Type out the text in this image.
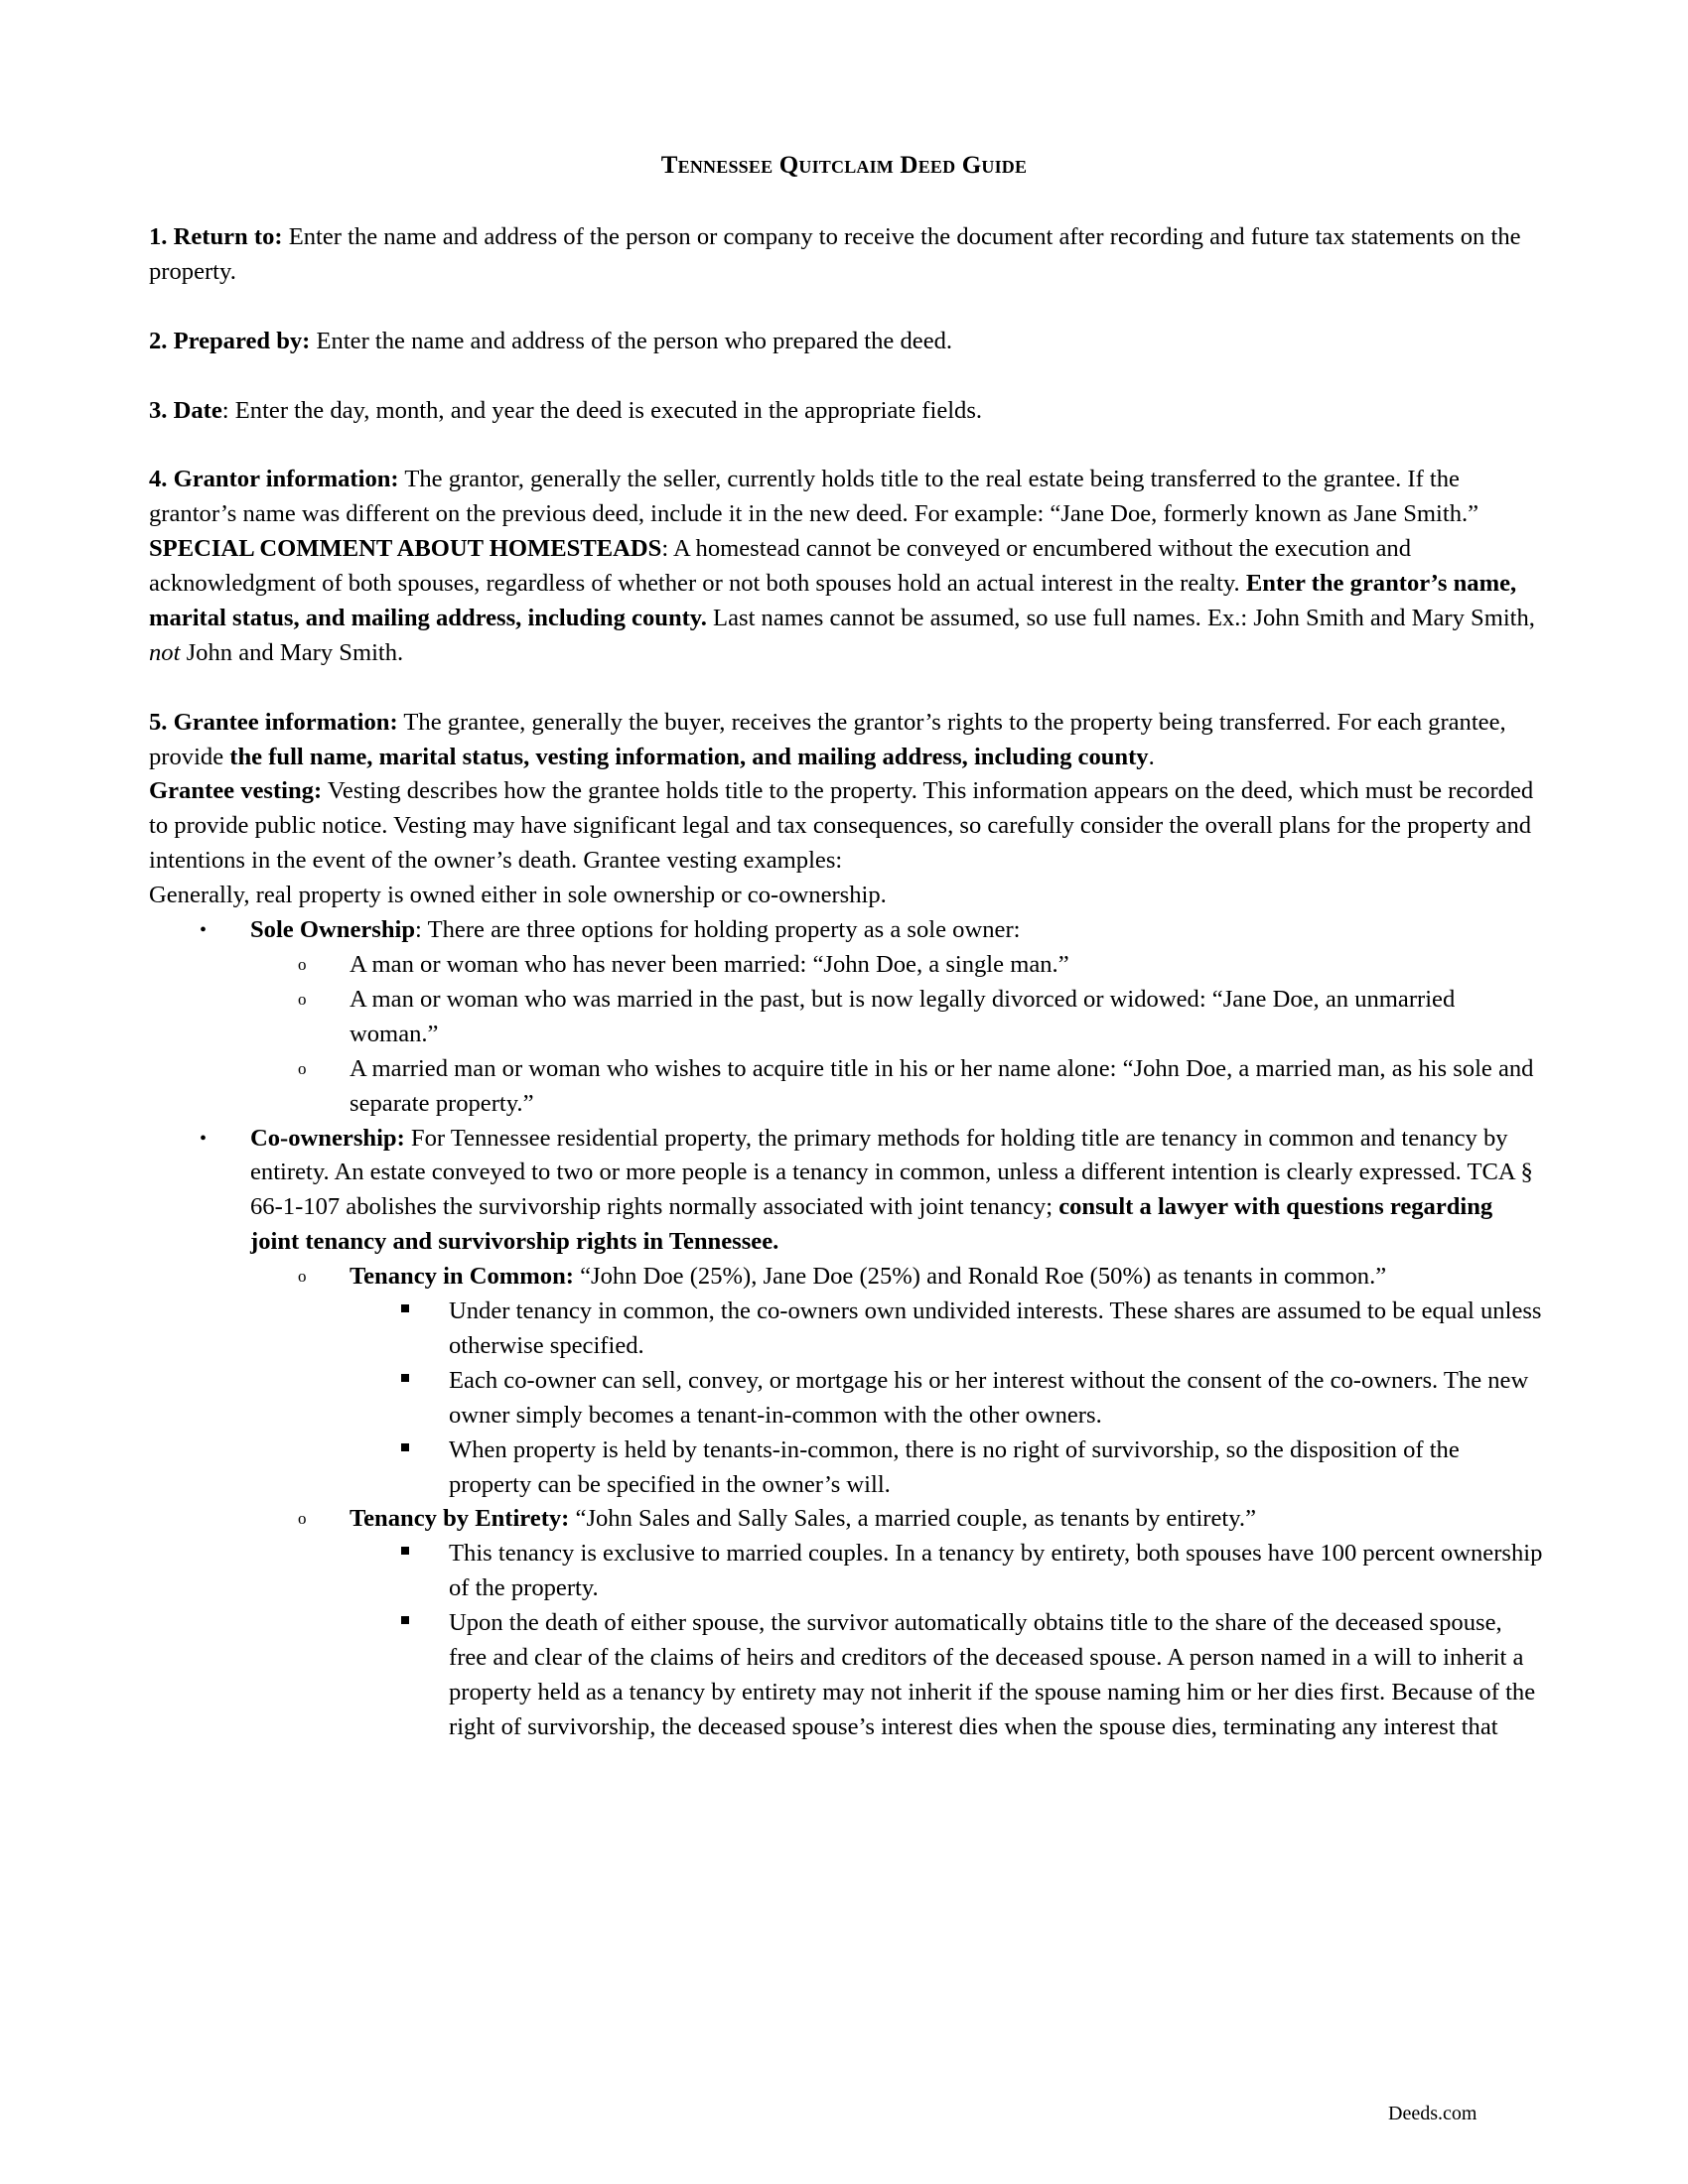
Tennessee Quitclaim Deed Guide

1. Return to: Enter the name and address of the person or company to receive the document after recording and future tax statements on the property.

2. Prepared by: Enter the name and address of the person who prepared the deed.

3. Date: Enter the day, month, and year the deed is executed in the appropriate fields.

4. Grantor information: The grantor, generally the seller, currently holds title to the real estate being transferred to the grantee. If the grantor’s name was different on the previous deed, include it in the new deed. For example: “Jane Doe, formerly known as Jane Smith.” SPECIAL COMMENT ABOUT HOMESTEADS: A homestead cannot be conveyed or encumbered without the execution and acknowledgment of both spouses, regardless of whether or not both spouses hold an actual interest in the realty. Enter the grantor’s name, marital status, and mailing address, including county. Last names cannot be assumed, so use full names. Ex.: John Smith and Mary Smith, not John and Mary Smith.

5. Grantee information: The grantee, generally the buyer, receives the grantor’s rights to the property being transferred. For each grantee, provide the full name, marital status, vesting information, and mailing address, including county.

Grantee vesting: Vesting describes how the grantee holds title to the property. This information appears on the deed, which must be recorded to provide public notice. Vesting may have significant legal and tax consequences, so carefully consider the overall plans for the property and intentions in the event of the owner’s death. Grantee vesting examples:

Generally, real property is owned either in sole ownership or co-ownership.

• Sole Ownership: There are three options for holding property as a sole owner:
o A man or woman who has never been married: “John Doe, a single man.”
o A man or woman who was married in the past, but is now legally divorced or widowed: “Jane Doe, an unmarried woman.”
o A married man or woman who wishes to acquire title in his or her name alone: “John Doe, a married man, as his sole and separate property.”
• Co-ownership: For Tennessee residential property, the primary methods for holding title are tenancy in common and tenancy by entirety. An estate conveyed to two or more people is a tenancy in common, unless a different intention is clearly expressed. TCA § 66-1-107 abolishes the survivorship rights normally associated with joint tenancy; consult a lawyer with questions regarding joint tenancy and survivorship rights in Tennessee.
o Tenancy in Common: “John Doe (25%), Jane Doe (25%) and Ronald Roe (50%) as tenants in common.”
Under tenancy in common, the co-owners own undivided interests. These shares are assumed to be equal unless otherwise specified.
Each co-owner can sell, convey, or mortgage his or her interest without the consent of the co-owners. The new owner simply becomes a tenant-in-common with the other owners.
When property is held by tenants-in-common, there is no right of survivorship, so the disposition of the property can be specified in the owner’s will.
o Tenancy by Entirety: “John Sales and Sally Sales, a married couple, as tenants by entirety.”
This tenancy is exclusive to married couples. In a tenancy by entirety, both spouses have 100 percent ownership of the property.
Upon the death of either spouse, the survivor automatically obtains title to the share of the deceased spouse, free and clear of the claims of heirs and creditors of the deceased spouse. A person named in a will to inherit a property held as a tenancy by entirety may not inherit if the spouse naming him or her dies first. Because of the right of survivorship, the deceased spouse’s interest dies when the spouse dies, terminating any interest that
Deeds.com
